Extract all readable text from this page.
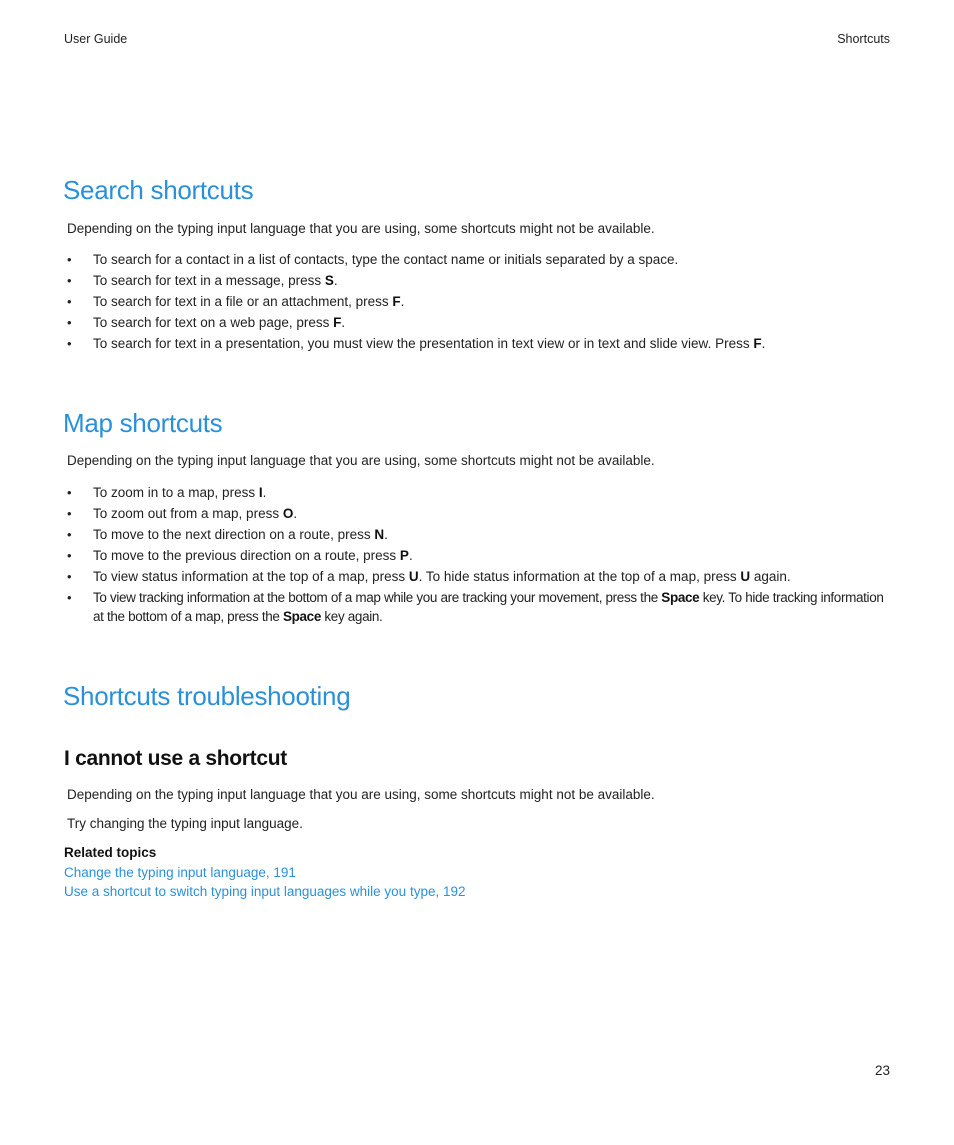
User Guide	Shortcuts
Search shortcuts

Depending on the typing input language that you are using, some shortcuts might not be available.

• To search for a contact in a list of contacts, type the contact name or initials separated by a space.
• To search for text in a message, press S.
• To search for text in a file or an attachment, press F.
• To search for text on a web page, press F.
• To search for text in a presentation, you must view the presentation in text view or in text and slide view. Press F.
Map shortcuts

Depending on the typing input language that you are using, some shortcuts might not be available.

• To zoom in to a map, press I.
• To zoom out from a map, press O.
• To move to the next direction on a route, press N.
• To move to the previous direction on a route, press P.
• To view status information at the top of a map, press U. To hide status information at the top of a map, press U again.
• To view tracking information at the bottom of a map while you are tracking your movement, press the Space key. To hide tracking information at the bottom of a map, press the Space key again.
Shortcuts troubleshooting
I cannot use a shortcut

Depending on the typing input language that you are using, some shortcuts might not be available.

Try changing the typing input language.

Related topics

Change the typing input language, 191
Use a shortcut to switch typing input languages while you type, 192
23
